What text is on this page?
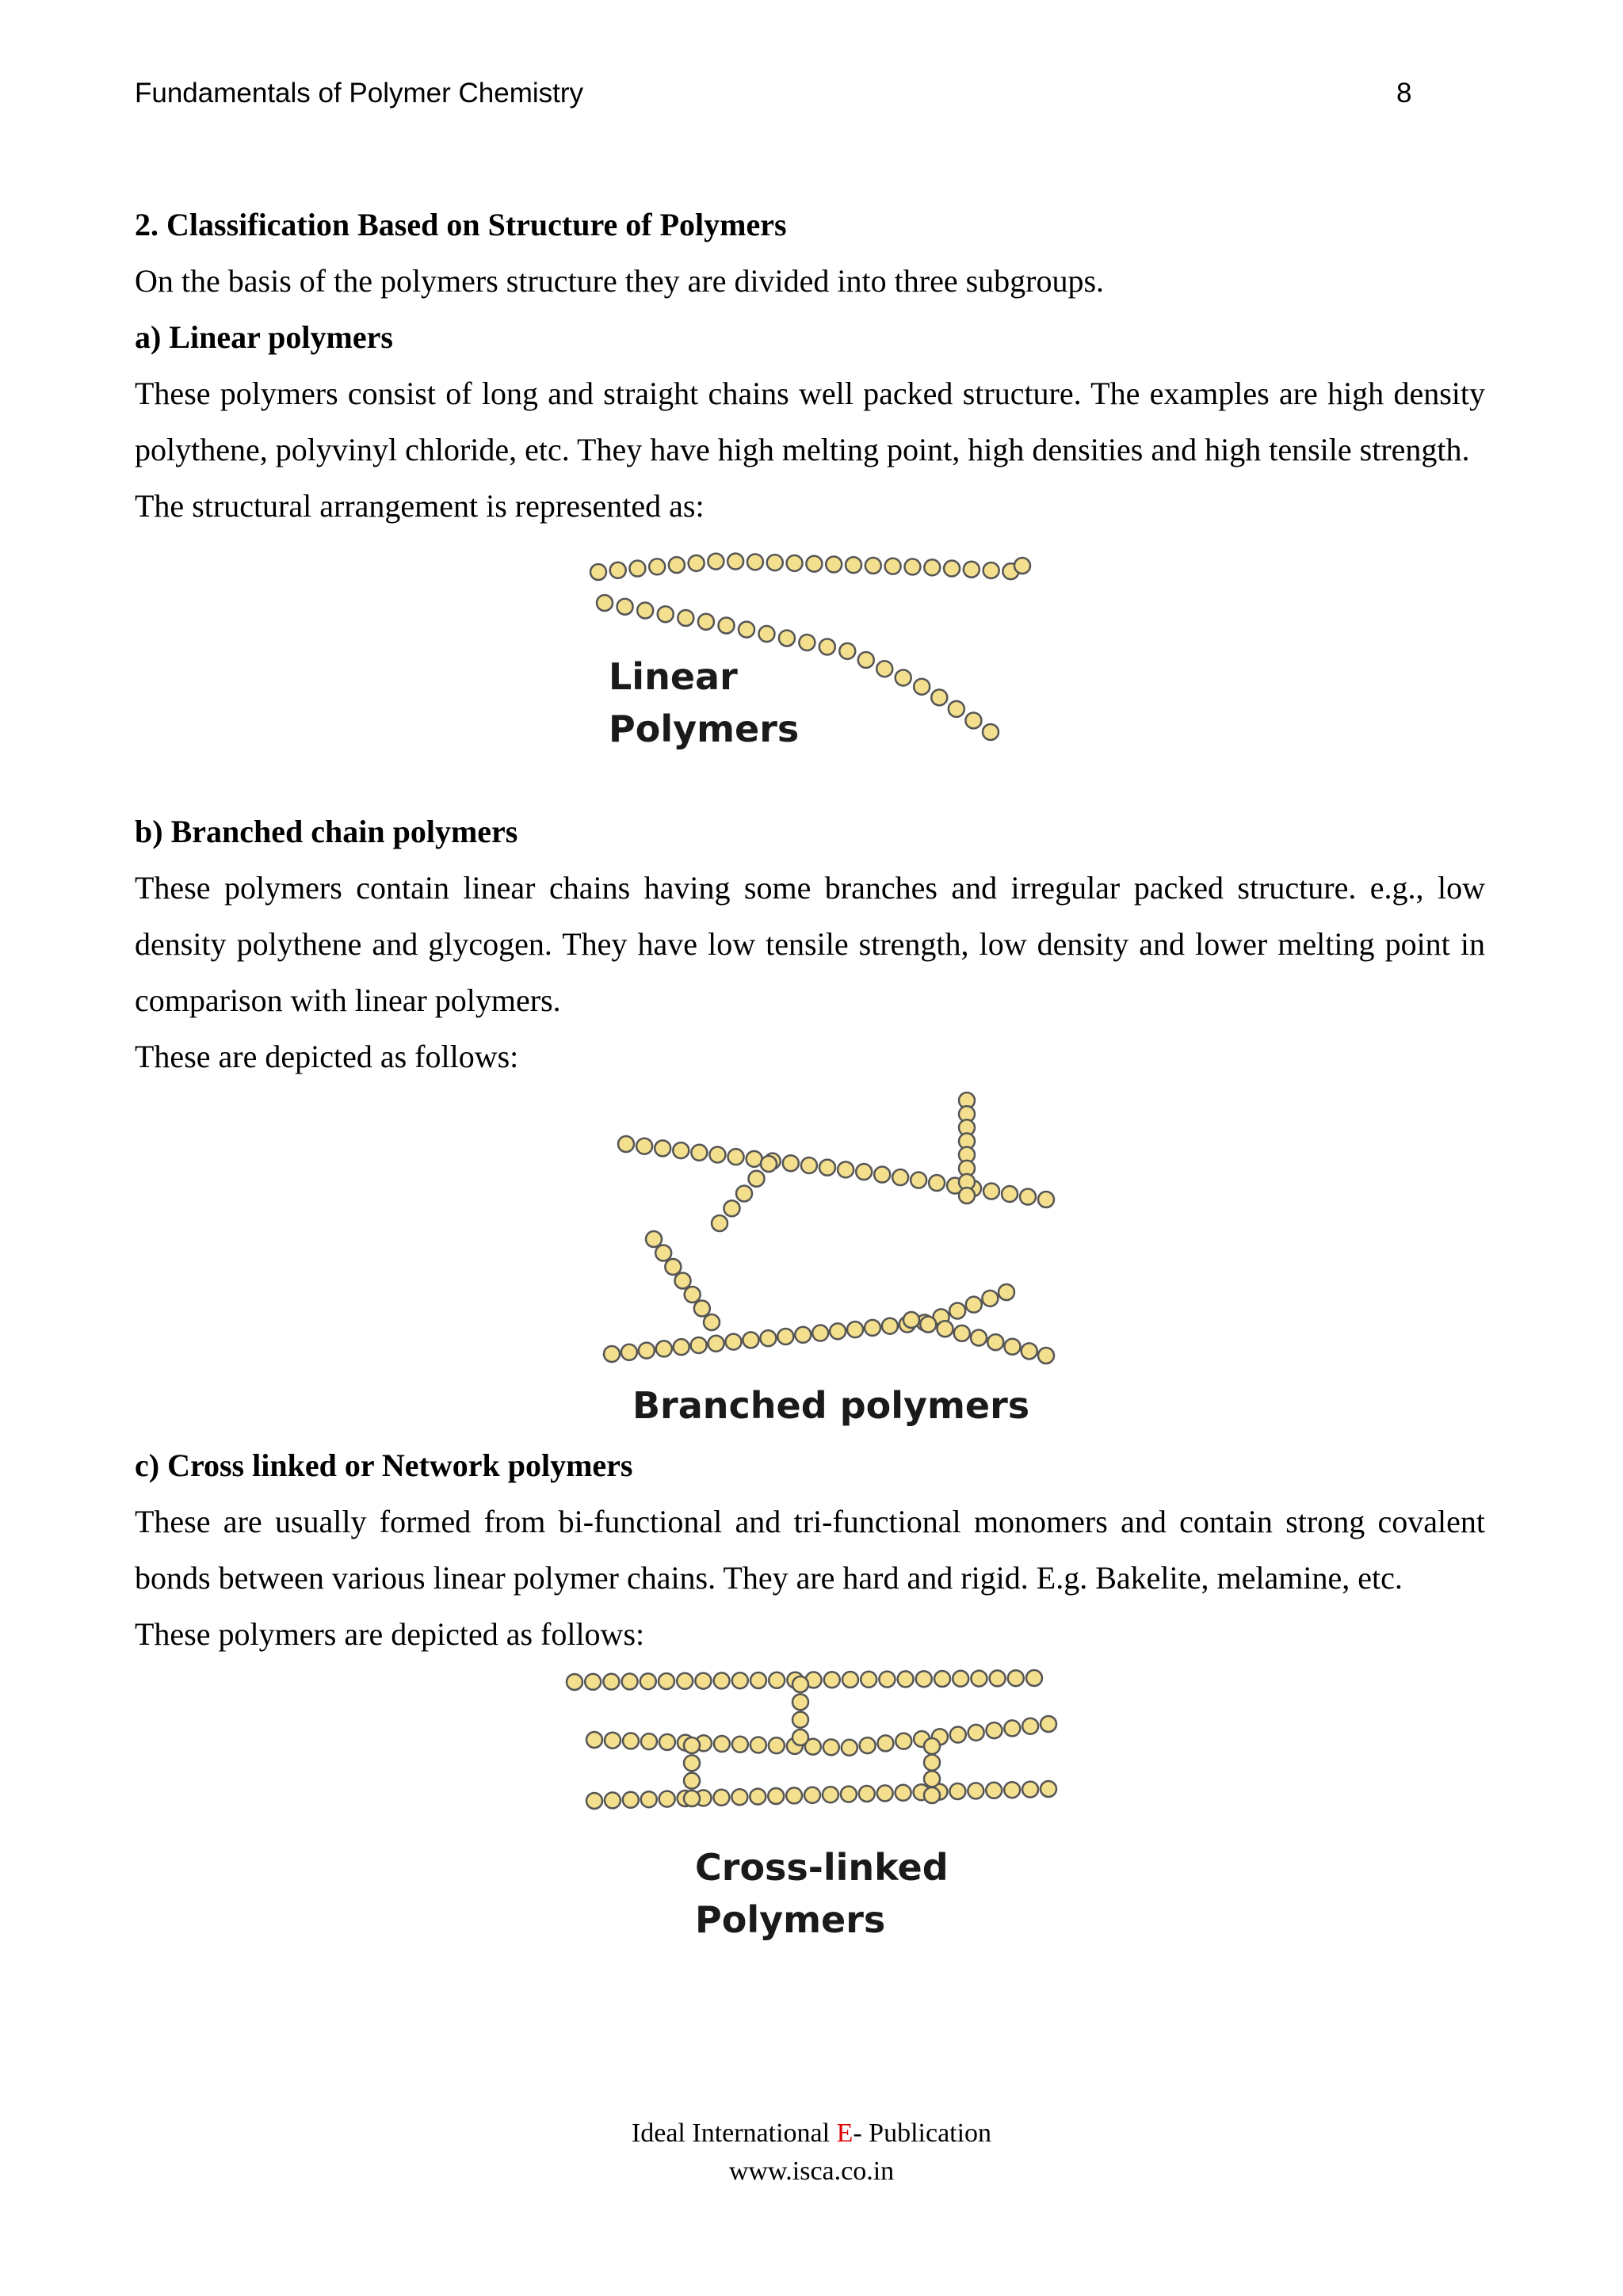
Fundamentals of Polymer Chemistry	8

2. Classification Based on Structure of Polymers

On the basis of the polymers structure they are divided into three subgroups.

a) Linear polymers

These polymers consist of long and straight chains well packed structure. The examples are high density polythene, polyvinyl chloride, etc. They have high melting point, high densities and high tensile strength.

The structural arrangement is represented as:

Linear
Polymers

b) Branched chain polymers

These polymers contain linear chains having some branches and irregular packed structure. e.g., low density polythene and glycogen. They have low tensile strength, low density and lower melting point in comparison with linear polymers.

These are depicted as follows:

Branched polymers

c) Cross linked or Network polymers

These are usually formed from bi-functional and tri-functional monomers and contain strong covalent bonds between various linear polymer chains. They are hard and rigid. E.g. Bakelite, melamine, etc.

These polymers are depicted as follows:

Cross-linked
Polymers
Ideal International E- Publication
www.isca.co.in
